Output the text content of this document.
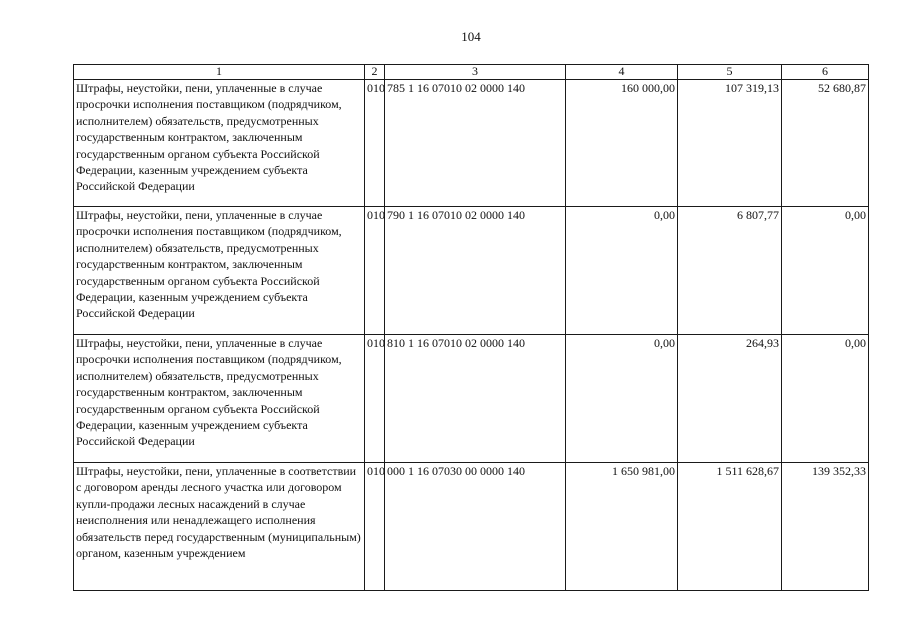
104
1	2	3	4	5	6

Штрафы, неустойки, пени, уплаченные в случае просрочки исполнения поставщиком (подрядчиком, исполнителем) обязательств, предусмотренных государственным контрактом, заключенным государственным органом субъекта Российской Федерации, казенным учреждением субъекта Российской Федерации	010	785 1 16 07010 02 0000 140	160 000,00	107 319,13	52 680,87

Штрафы, неустойки, пени, уплаченные в случае просрочки исполнения поставщиком (подрядчиком, исполнителем) обязательств, предусмотренных государственным контрактом, заключенным государственным органом субъекта Российской Федерации, казенным учреждением субъекта Российской Федерации	010	790 1 16 07010 02 0000 140	0,00	6 807,77	0,00

Штрафы, неустойки, пени, уплаченные в случае просрочки исполнения поставщиком (подрядчиком, исполнителем) обязательств, предусмотренных государственным контрактом, заключенным государственным органом субъекта Российской Федерации, казенным учреждением субъекта Российской Федерации	010	810 1 16 07010 02 0000 140	0,00	264,93	0,00

Штрафы, неустойки, пени, уплаченные в соответствии с договором аренды лесного участка или договором купли-продажи лесных насаждений в случае неисполнения или ненадлежащего исполнения обязательств перед государственным (муниципальным) органом, казенным учреждением	010	000 1 16 07030 00 0000 140	1 650 981,00	1 511 628,67	139 352,33
